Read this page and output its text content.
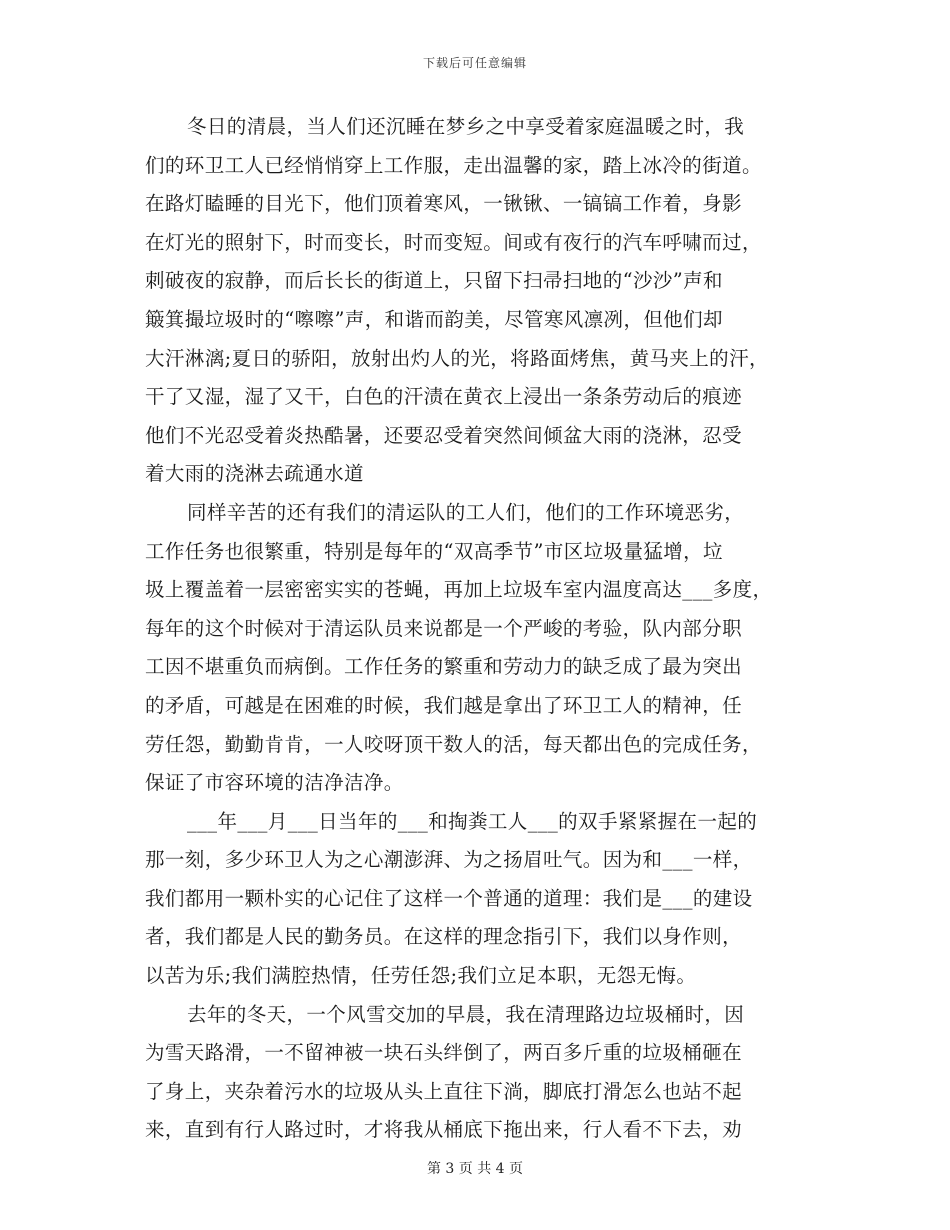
下载后可任意编辑
冬日的清晨，当人们还沉睡在梦乡之中享受着家庭温暖之时，我
们的环卫工人已经悄悄穿上工作服，走出温馨的家，踏上冰冷的街道。
在路灯瞌睡的目光下，他们顶着寒风，一锹锹、一镐镐工作着，身影
在灯光的照射下，时而变长，时而变短。间或有夜行的汽车呼啸而过，
刺破夜的寂静，而后长长的街道上，只留下扫帚扫地的“沙沙”声和
簸箕撮垃圾时的“嚓嚓”声，和谐而韵美，尽管寒风凛冽，但他们却
大汗淋漓;夏日的骄阳，放射出灼人的光，将路面烤焦，黄马夹上的汗，
干了又湿，湿了又干，白色的汗渍在黄衣上浸出一条条劳动后的痕迹
他们不光忍受着炎热酷暑，还要忍受着突然间倾盆大雨的浇淋，忍受
着大雨的浇淋去疏通水道
同样辛苦的还有我们的清运队的工人们，他们的工作环境恶劣，
工作任务也很繁重，特别是每年的“双高季节”市区垃圾量猛增，垃
圾上覆盖着一层密密实实的苍蝇，再加上垃圾车室内温度高达___多度，
每年的这个时候对于清运队员来说都是一个严峻的考验，队内部分职
工因不堪重负而病倒。工作任务的繁重和劳动力的缺乏成了最为突出
的矛盾，可越是在困难的时候，我们越是拿出了环卫工人的精神，任
劳任怨，勤勤肯肯，一人咬呀顶干数人的活，每天都出色的完成任务，
保证了市容环境的洁净洁净。
___年___月___日当年的___和掏粪工人___的双手紧紧握在一起的
那一刻，多少环卫人为之心潮澎湃、为之扬眉吐气。因为和___一样，
我们都用一颗朴实的心记住了这样一个普通的道理：我们是___的建设
者，我们都是人民的勤务员。在这样的理念指引下，我们以身作则，
以苦为乐;我们满腔热情，任劳任怨;我们立足本职，无怨无悔。
去年的冬天，一个风雪交加的早晨，我在清理路边垃圾桶时，因
为雪天路滑，一不留神被一块石头绊倒了，两百多斤重的垃圾桶砸在
了身上，夹杂着污水的垃圾从头上直往下淌，脚底打滑怎么也站不起
来，直到有行人路过时，才将我从桶底下拖出来，行人看不下去，劝
第 3 页 共 4 页
